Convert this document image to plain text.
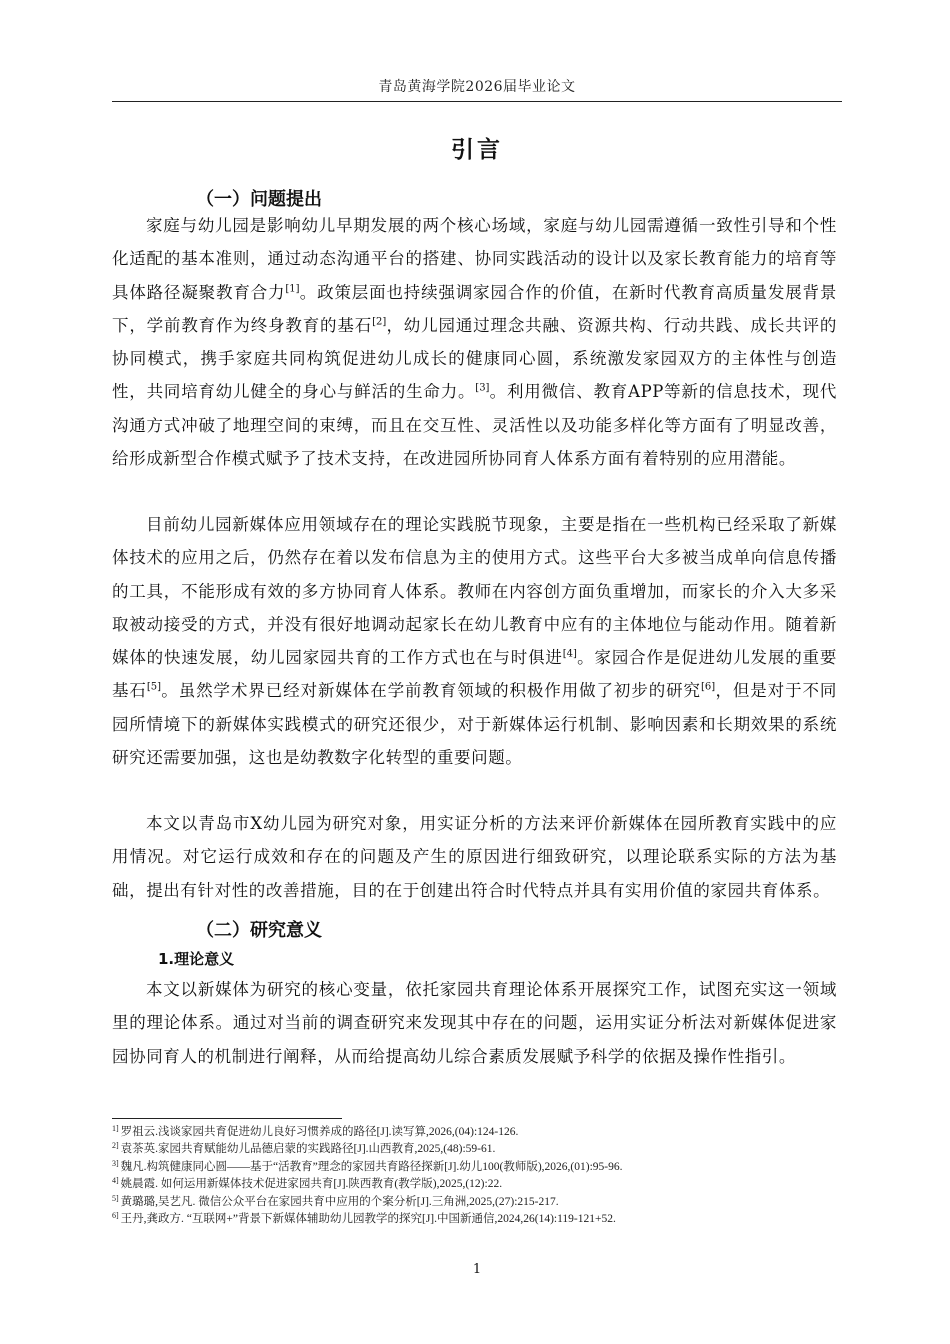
青岛黄海学院2026届毕业论文
引言
（一）问题提出

家庭与幼儿园是影响幼儿早期发展的两个核心场域，家庭与幼儿园需遵循一致性引导和个性化适配的基本准则，通过动态沟通平台的搭建、协同实践活动的设计以及家长教育能力的培育等具体路径凝聚教育合力[1]。政策层面也持续强调家园合作的价值，在新时代教育高质量发展背景下，学前教育作为终身教育的基石[2]，幼儿园通过理念共融、资源共构、行动共践、成长共评的协同模式，携手家庭共同构筑促进幼儿成长的健康同心圆，系统激发家园双方的主体性与创造性，共同培育幼儿健全的身心与鲜活的生命力。[3]。利用微信、教育APP等新的信息技术，现代沟通方式冲破了地理空间的束缚，而且在交互性、灵活性以及功能多样化等方面有了明显改善，给形成新型合作模式赋予了技术支持，在改进园所协同育人体系方面有着特别的应用潜能。

目前幼儿园新媒体应用领域存在的理论实践脱节现象，主要是指在一些机构已经采取了新媒体技术的应用之后，仍然存在着以发布信息为主的使用方式。这些平台大多被当成单向信息传播的工具，不能形成有效的多方协同育人体系。教师在内容创方面负重增加，而家长的介入大多采取被动接受的方式，并没有很好地调动起家长在幼儿教育中应有的主体地位与能动作用。随着新媒体的快速发展，幼儿园家园共育的工作方式也在与时俱进[4]。家园合作是促进幼儿发展的重要基石[5]。虽然学术界已经对新媒体在学前教育领域的积极作用做了初步的研究[6]，但是对于不同园所情境下的新媒体实践模式的研究还很少，对于新媒体运行机制、影响因素和长期效果的系统研究还需要加强，这也是幼教数字化转型的重要问题。

本文以青岛市X幼儿园为研究对象，用实证分析的方法来评价新媒体在园所教育实践中的应用情况。对它运行成效和存在的问题及产生的原因进行细致研究，以理论联系实际的方法为基础，提出有针对性的改善措施，目的在于创建出符合时代特点并具有实用价值的家园共育体系。

（二）研究意义
1.理论意义

本文以新媒体为研究的核心变量，依托家园共育理论体系开展探究工作，试图充实这一领域里的理论体系。通过对当前的调查研究来发现其中存在的问题，运用实证分析法对新媒体促进家园协同育人的机制进行阐释，从而给提高幼儿综合素质发展赋予科学的依据及操作性指引。

$^{1]}$ 罗祖云.浅谈家园共育促进幼儿良好习惯养成的路径[J].读写算,2026,(04):124-126.
$^{2]}$ 袁茶英.家园共育赋能幼儿品德启蒙的实践路径[J].山西教育,2025,(48):59-61.
$^{3]}$ 魏凡.构筑健康同心圆——基于“活教育”理念的家园共育路径探新[J].幼儿100(教师版),2026,(01):95-96.
$^{4]}$ 姚晨霞. 如何运用新媒体技术促进家园共育[J].陕西教育(教学版),2025,(12):22.
$^{5]}$ 黄璐璐,吴艺凡. 微信公众平台在家园共育中应用的个案分析[J].三角洲,2025,(27):215-217.
$^{6]}$ 王丹,龚政方. “互联网+”背景下新媒体辅助幼儿园教学的探究[J].中国新通信,2024,26(14):119-121+52.
1
